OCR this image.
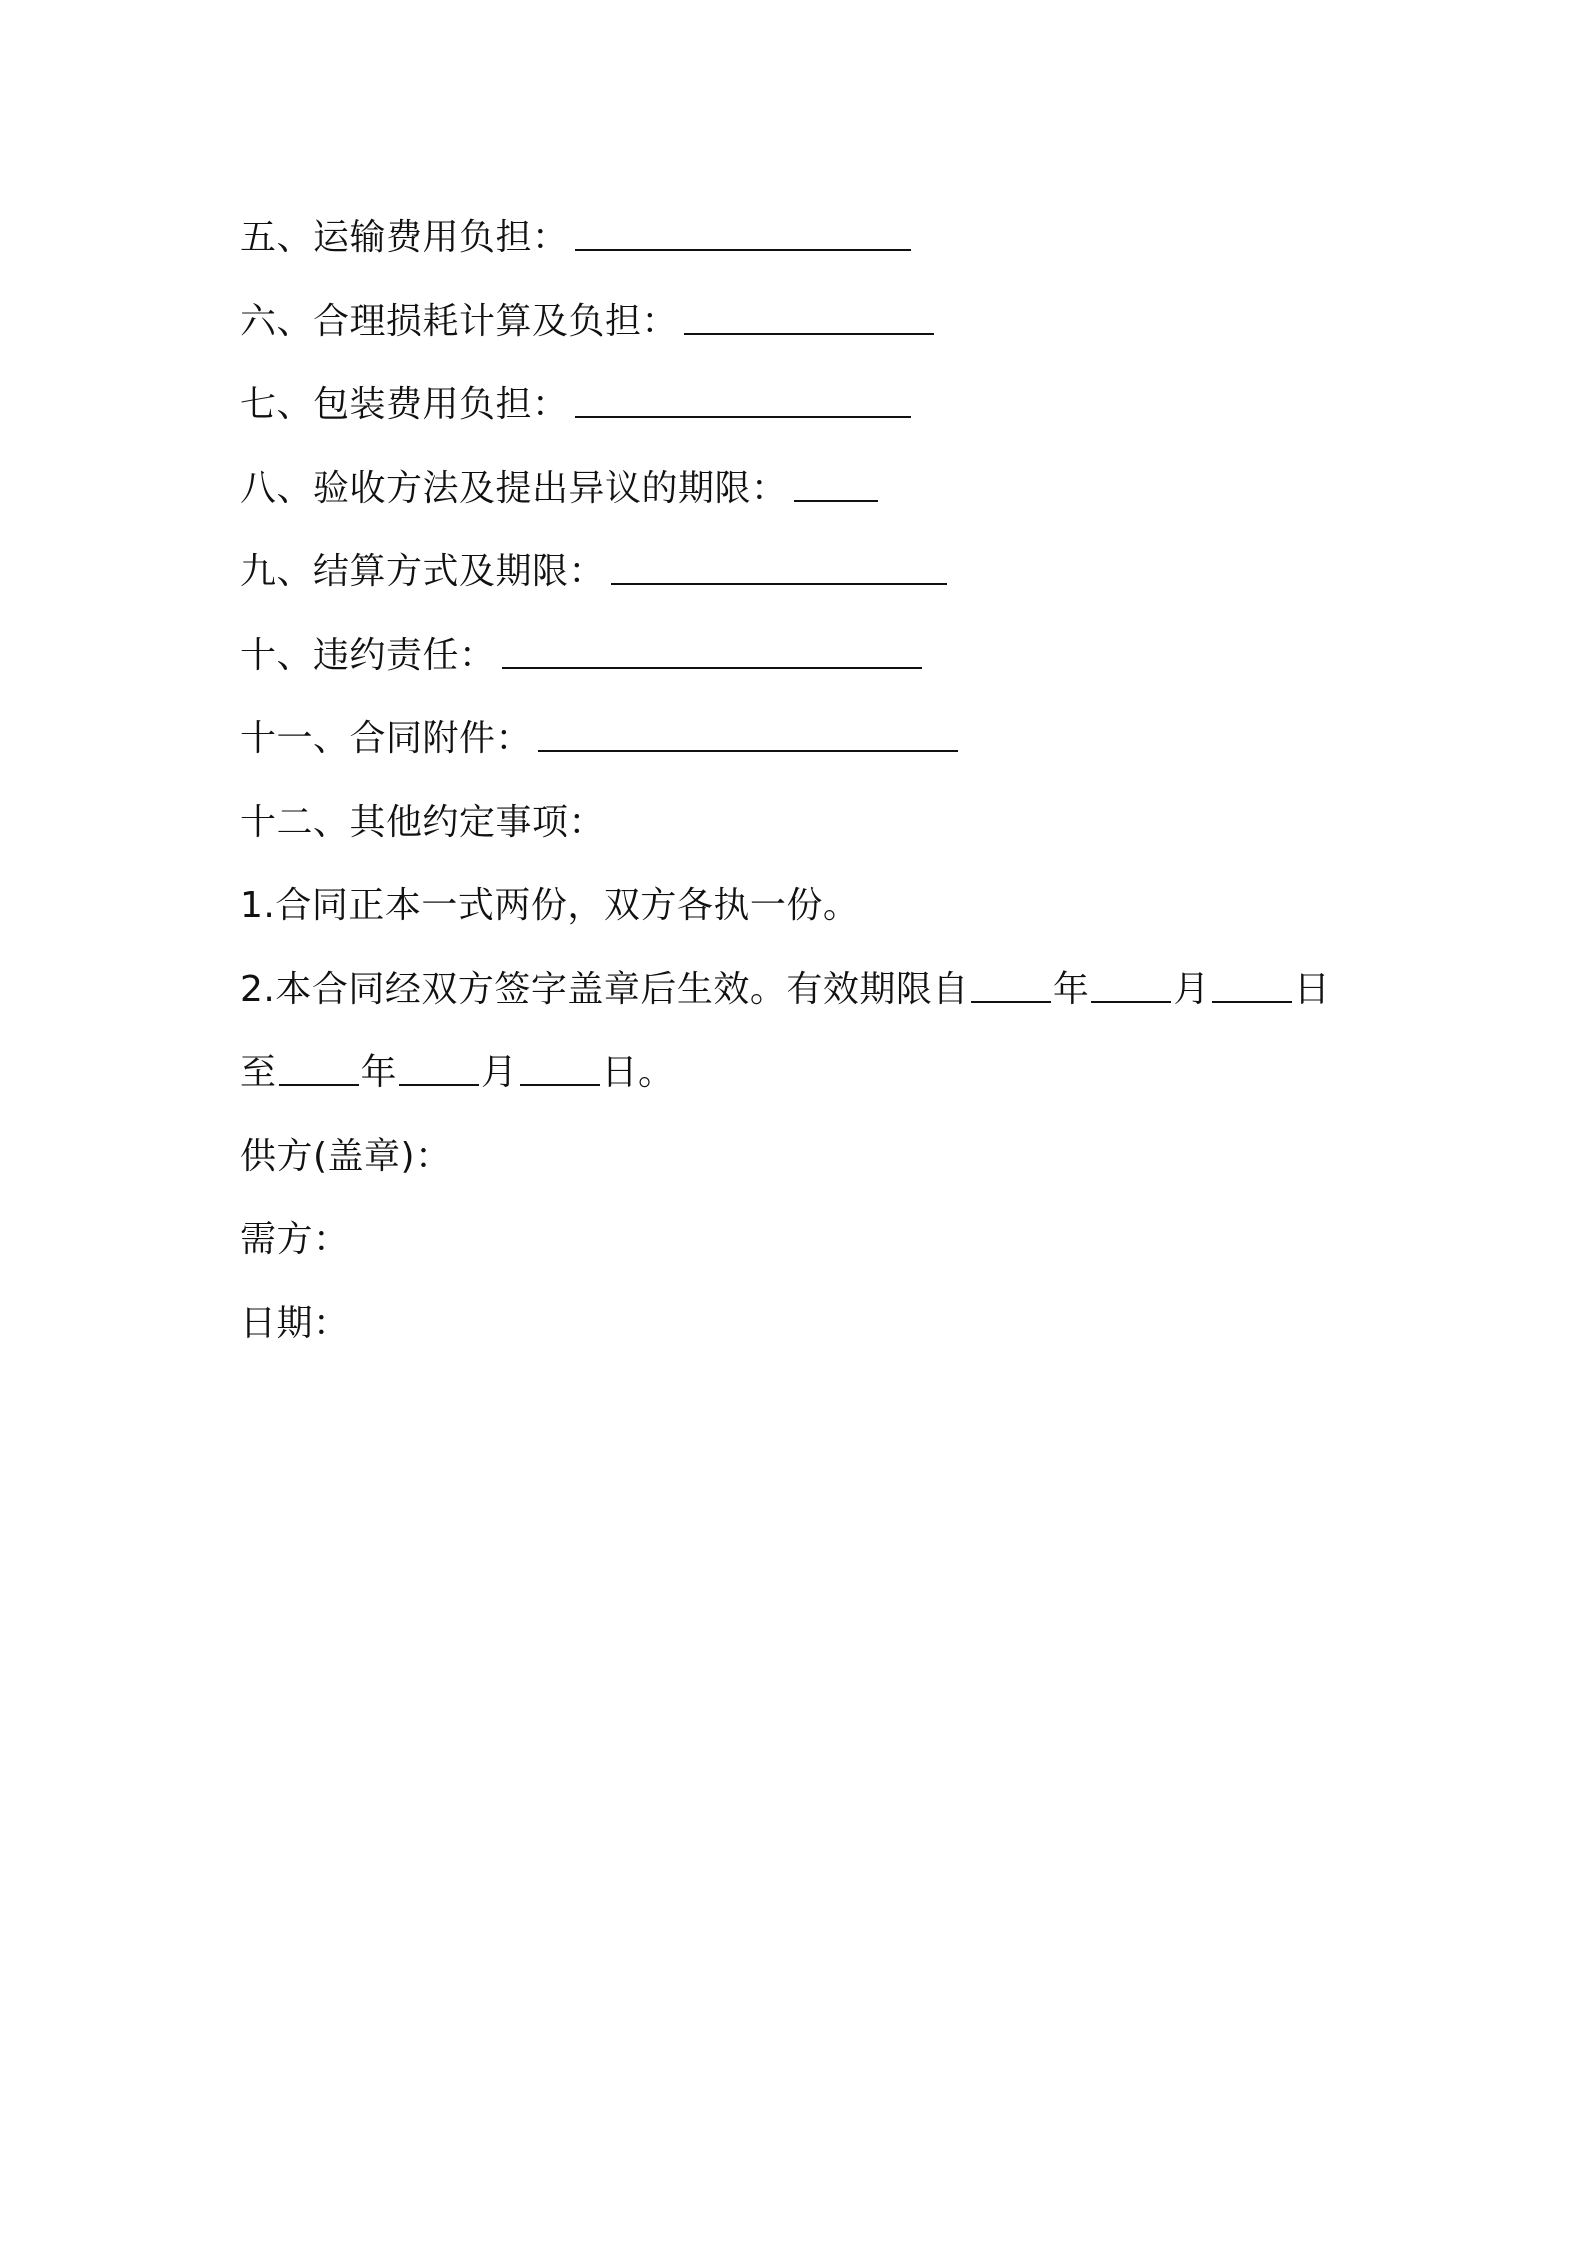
五、运输费用负担：
六、合理损耗计算及负担：
七、包装费用负担：
八、验收方法及提出异议的期限：
九、结算方式及期限：
十、违约责任：
十一、合同附件：
十二、其他约定事项：
1.合同正本一式两份，双方各执一份。
2.本合同经双方签字盖章后生效。有效期限自 年 月 日
至 年 月 日。
供方(盖章)：
需方：
日期：
